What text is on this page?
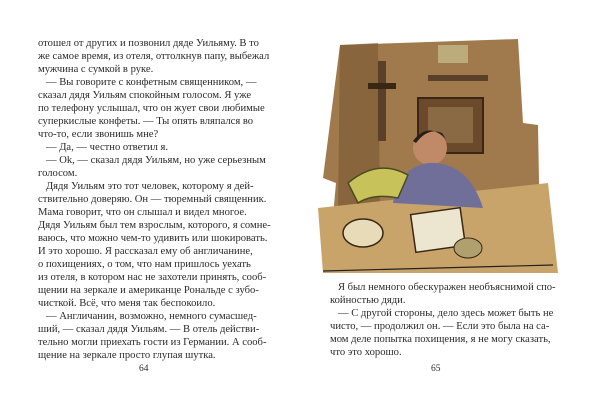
отошел от других и позвонил дяде Уильяму. В то
же самое время, из отеля, оттолкнув папу, выбежал
мужчина с сумкой в руке.
— Вы говорите с конфетным священником, —
сказал дядя Уильям спокойным голосом. Я уже
по телефону услышал, что он жует свои любимые
суперкислые конфеты. — Ты опять вляпался во
что-то, если звонишь мне?
— Да, — честно ответил я.
— Ok, — сказал дядя Уильям, но уже серьезным
голосом.
Дядя Уильям это тот человек, которому я дей-
ствительно доверяю. Он — тюремный священник.
Мама говорит, что он слышал и видел многое.
Дядя Уильям был тем взрослым, которого, я сомне-
ваюсь, что можно чем-то удивить или шокировать.
И это хорошо. Я рассказал ему об англичанине,
о похищениях, о том, что нам пришлось уехать
из отеля, в котором нас не захотели принять, сооб-
щении на зеркале и американце Рональде с зубо-
чисткой. Всё, что меня так беспокоило.
— Англичанин, возможно, немного сумасшед-
ший, — сказал дядя Уильям. — В отель действи-
тельно могли приехать гости из Германии. А сооб-
щение на зеркале просто глупая шутка.
64
Я был немного обескуражен необъяснимой спо-
койностью дяди.
— С другой стороны, дело здесь может быть не
чисто, — продолжил он. — Если это была на са-
мом деле попытка похищения, я не могу сказать,
что это хорошо.
65
